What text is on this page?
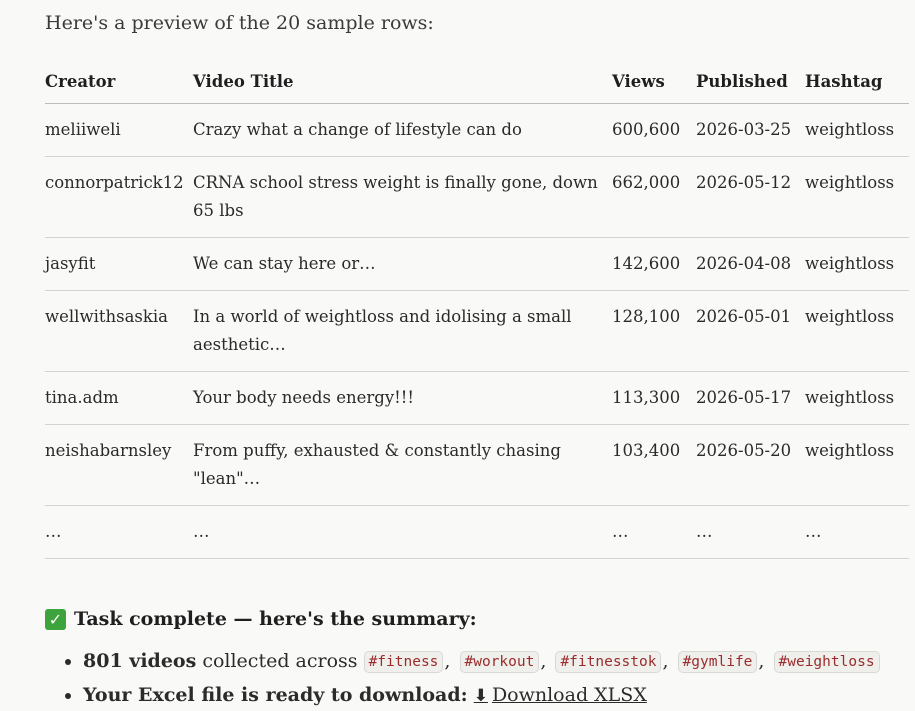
Here's a preview of the 20 sample rows:

Creator	Video Title	Views	Published	Hashtag
meliiweli	Crazy what a change of lifestyle can do	600,600	2026-03-25	weightloss
connorpatrick12	CRNA school stress weight is finally gone, down 65 lbs	662,000	2026-05-12	weightloss
jasyfit	We can stay here or…	142,600	2026-04-08	weightloss
wellwithsaskia	In a world of weightloss and idolising a small aesthetic…	128,100	2026-05-01	weightloss
tina.adm	Your body needs energy!!!	113,300	2026-05-17	weightloss
neishabarnsley	From puffy, exhausted & constantly chasing "lean"…	103,400	2026-05-20	weightloss
…	…	…	…	…
✓ Task complete — here's the summary:
• 801 videos collected across #fitness , #workout , #fitnesstok , #gymlife , #weightloss
• Your Excel file is ready to download: ⬇ Download XLSX
